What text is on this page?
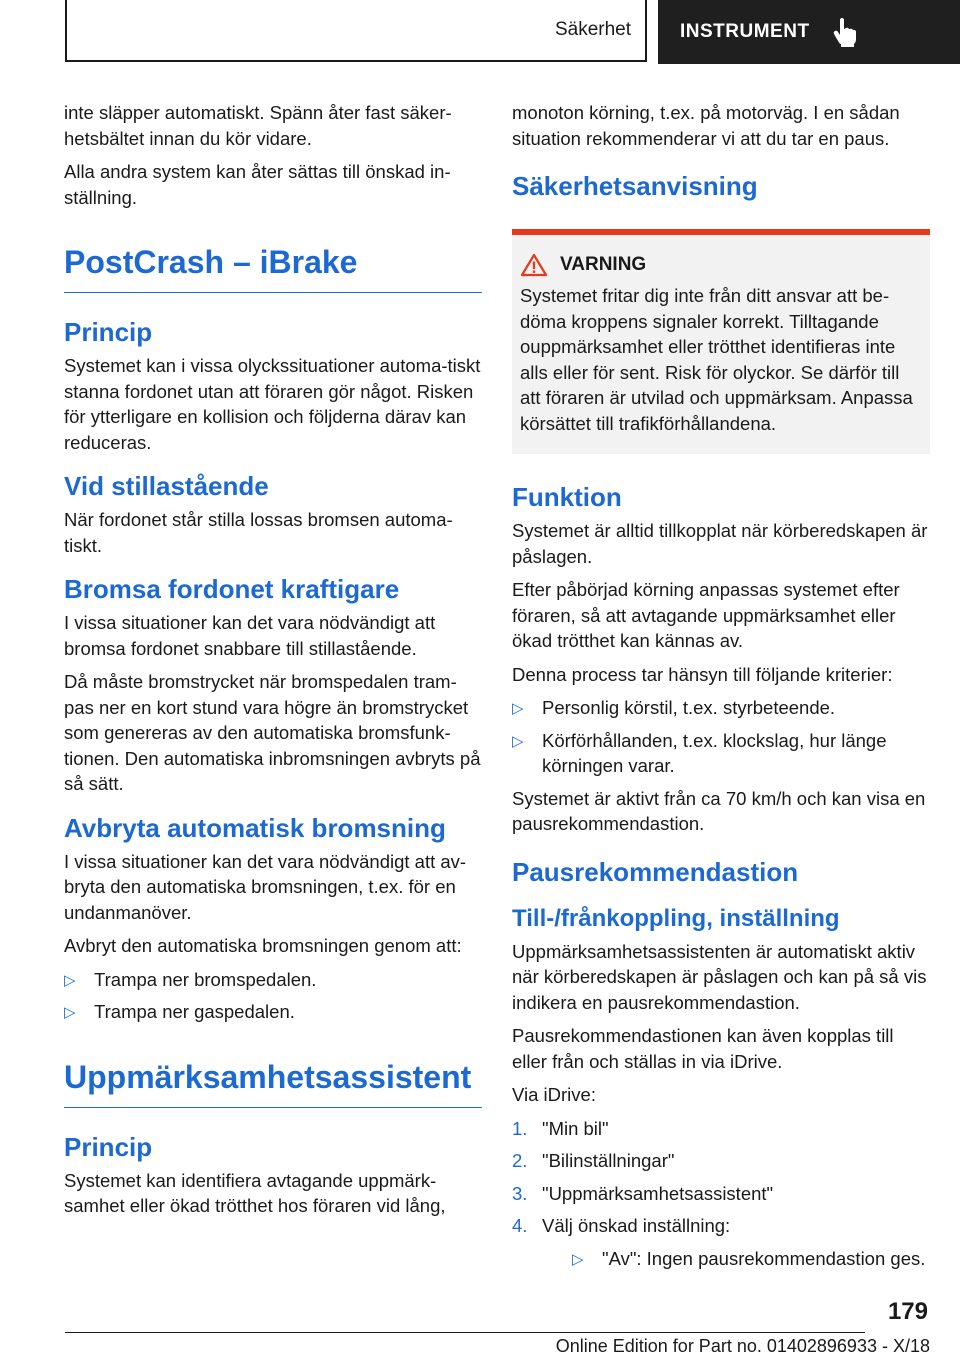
Säkerhet	INSTRUMENT

inte släpper automatiskt. Spänn åter fast säker-hetsbältet innan du kör vidare.

Alla andra system kan åter sättas till önskad in-ställning.

PostCrash – iBrake
Princip

Systemet kan i vissa olyckssituationer automa-tiskt stanna fordonet utan att föraren gör något. Risken för ytterligare en kollision och följderna därav kan reduceras.

Vid stillastående

När fordonet står stilla lossas bromsen automa-tiskt.

Bromsa fordonet kraftigare

I vissa situationer kan det vara nödvändigt att bromsa fordonet snabbare till stillastående.

Då måste bromstrycket när bromspedalen tram-pas ner en kort stund vara högre än bromstrycket som genereras av den automatiska bromsfunk-tionen. Den automatiska inbromsningen avbryts på så sätt.

Avbryta automatisk bromsning

I vissa situationer kan det vara nödvändigt att av-bryta den automatiska bromsningen, t.ex. för en undanmanöver.

Avbryt den automatiska bromsningen genom att:

▷ Trampa ner bromspedalen.
▷ Trampa ner gaspedalen.
Uppmärksamhetsassistent
Princip

Systemet kan identifiera avtagande uppmärk-samhet eller ökad trötthet hos föraren vid lång,

monoton körning, t.ex. på motorväg. I en sådan situation rekommenderar vi att du tar en paus.

Säkerhetsanvisning
VARNING

Systemet fritar dig inte från ditt ansvar att be-döma kroppens signaler korrekt. Tilltagande ouppmärksamhet eller trötthet identifieras inte alls eller för sent. Risk för olyckor. Se därför till att föraren är utvilad och uppmärksam. Anpassa körsättet till trafikförhållandena.

Funktion

Systemet är alltid tillkopplat när körberedskapen är påslagen.

Efter påbörjad körning anpassas systemet efter föraren, så att avtagande uppmärksamhet eller ökad trötthet kan kännas av.

Denna process tar hänsyn till följande kriterier:

▷ Personlig körstil, t.ex. styrbeteende.
▷ Körförhållanden, t.ex. klockslag, hur länge körningen varar.

Systemet är aktivt från ca 70 km/h och kan visa en pausrekommendastion.

Pausrekommendastion
Till-/frånkoppling, inställning

Uppmärksamhetsassistenten är automatiskt aktiv när körberedskapen är påslagen och kan på så vis indikera en pausrekommendastion.

Pausrekommendastionen kan även kopplas till eller från och ställas in via iDrive.

Via iDrive:

1. "Min bil"
2. "Bilinställningar"
3. "Uppmärksamhetsassistent"
4. Välj önskad inställning:
▷ "Av": Ingen pausrekommendastion ges.
179
Online Edition for Part no. 01402896933 - X/18
